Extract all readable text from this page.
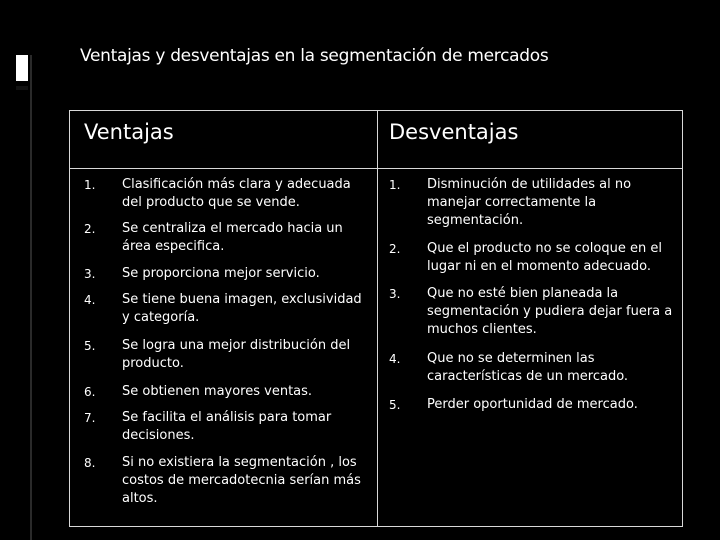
Ventajas y desventajas en la segmentación de mercados
Ventajas	Desventajas
1. Clasificación más clara y adecuada del producto que se vende.
2. Se centraliza el mercado hacia un área especifica.
3. Se proporciona mejor servicio.
4. Se tiene buena imagen, exclusividad y categoría.
5. Se logra una mejor distribución del producto.
6. Se obtienen mayores ventas.
7. Se facilita el análisis para tomar decisiones.
8. Si no existiera la segmentación , los costos de mercadotecnia serían más altos.
1. Disminución de utilidades al no manejar correctamente la segmentación.
2. Que el producto no se coloque en el lugar ni en el momento adecuado.
3. Que no esté bien planeada la segmentación y pudiera dejar fuera a muchos clientes.
4. Que no se determinen las características de un mercado.
5. Perder oportunidad de mercado.
